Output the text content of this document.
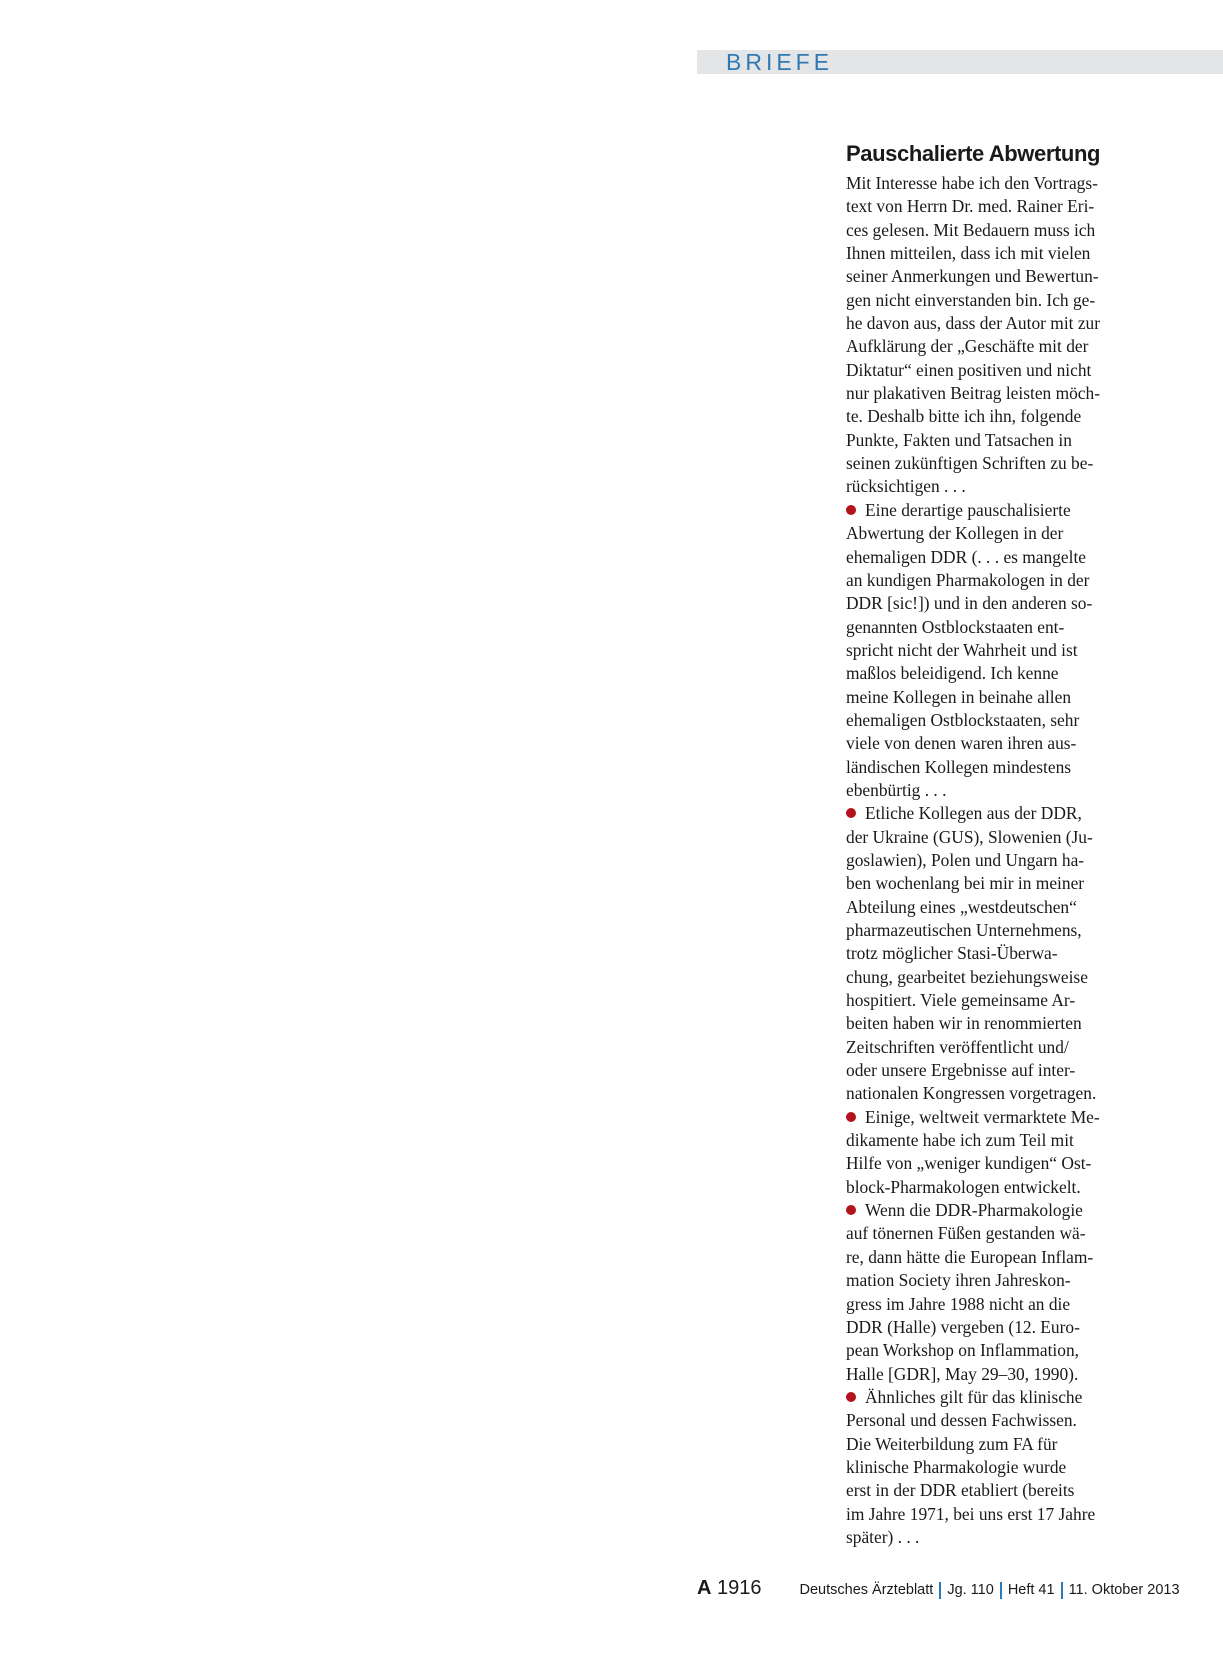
BRIEFE
Pauschalierte Abwertung
Mit Interesse habe ich den Vortrags-
text von Herrn Dr. med. Rainer Eri-
ces gelesen. Mit Bedauern muss ich
Ihnen mitteilen, dass ich mit vielen
seiner Anmerkungen und Bewertun-
gen nicht einverstanden bin. Ich ge-
he davon aus, dass der Autor mit zur
Aufklärung der „Geschäfte mit der
Diktatur“ einen positiven und nicht
nur plakativen Beitrag leisten möch-
te. Deshalb bitte ich ihn, folgende
Punkte, Fakten und Tatsachen in
seinen zukünftigen Schriften zu be-
rücksichtigen . . .
Eine derartige pauschalisierte
Abwertung der Kollegen in der
ehemaligen DDR (. . . es mangelte
an kundigen Pharmakologen in der
DDR [sic!]) und in den anderen so-
genannten Ostblockstaaten ent-
spricht nicht der Wahrheit und ist
maßlos beleidigend. Ich kenne
meine Kollegen in beinahe allen
ehemaligen Ostblockstaaten, sehr
viele von denen waren ihren aus-
ländischen Kollegen mindestens
ebenbürtig . . .
Etliche Kollegen aus der DDR,
der Ukraine (GUS), Slowenien (Ju-
goslawien), Polen und Ungarn ha-
ben wochenlang bei mir in meiner
Abteilung eines „westdeutschen“
pharmazeutischen Unternehmens,
trotz möglicher Stasi-Überwa-
chung, gearbeitet beziehungsweise
hospitiert. Viele gemeinsame Ar-
beiten haben wir in renommierten
Zeitschriften veröffentlicht und/
oder unsere Ergebnisse auf inter-
nationalen Kongressen vorgetragen.
Einige, weltweit vermarktete Me-
dikamente habe ich zum Teil mit
Hilfe von „weniger kundigen“ Ost-
block-Pharmakologen entwickelt.
Wenn die DDR-Pharmakologie
auf tönernen Füßen gestanden wä-
re, dann hätte die European Inflam-
mation Society ihren Jahreskon-
gress im Jahre 1988 nicht an die
DDR (Halle) vergeben (12. Euro-
pean Workshop on Inflammation,
Halle [GDR], May 29–30, 1990).
Ähnliches gilt für das klinische
Personal und dessen Fachwissen.
Die Weiterbildung zum FA für
klinische Pharmakologie wurde
erst in der DDR etabliert (bereits
im Jahre 1971, bei uns erst 17 Jahre
später) . . .
A 1916	Deutsches Ärzteblatt Jg. 110 Heft 41 11. Oktober 2013
